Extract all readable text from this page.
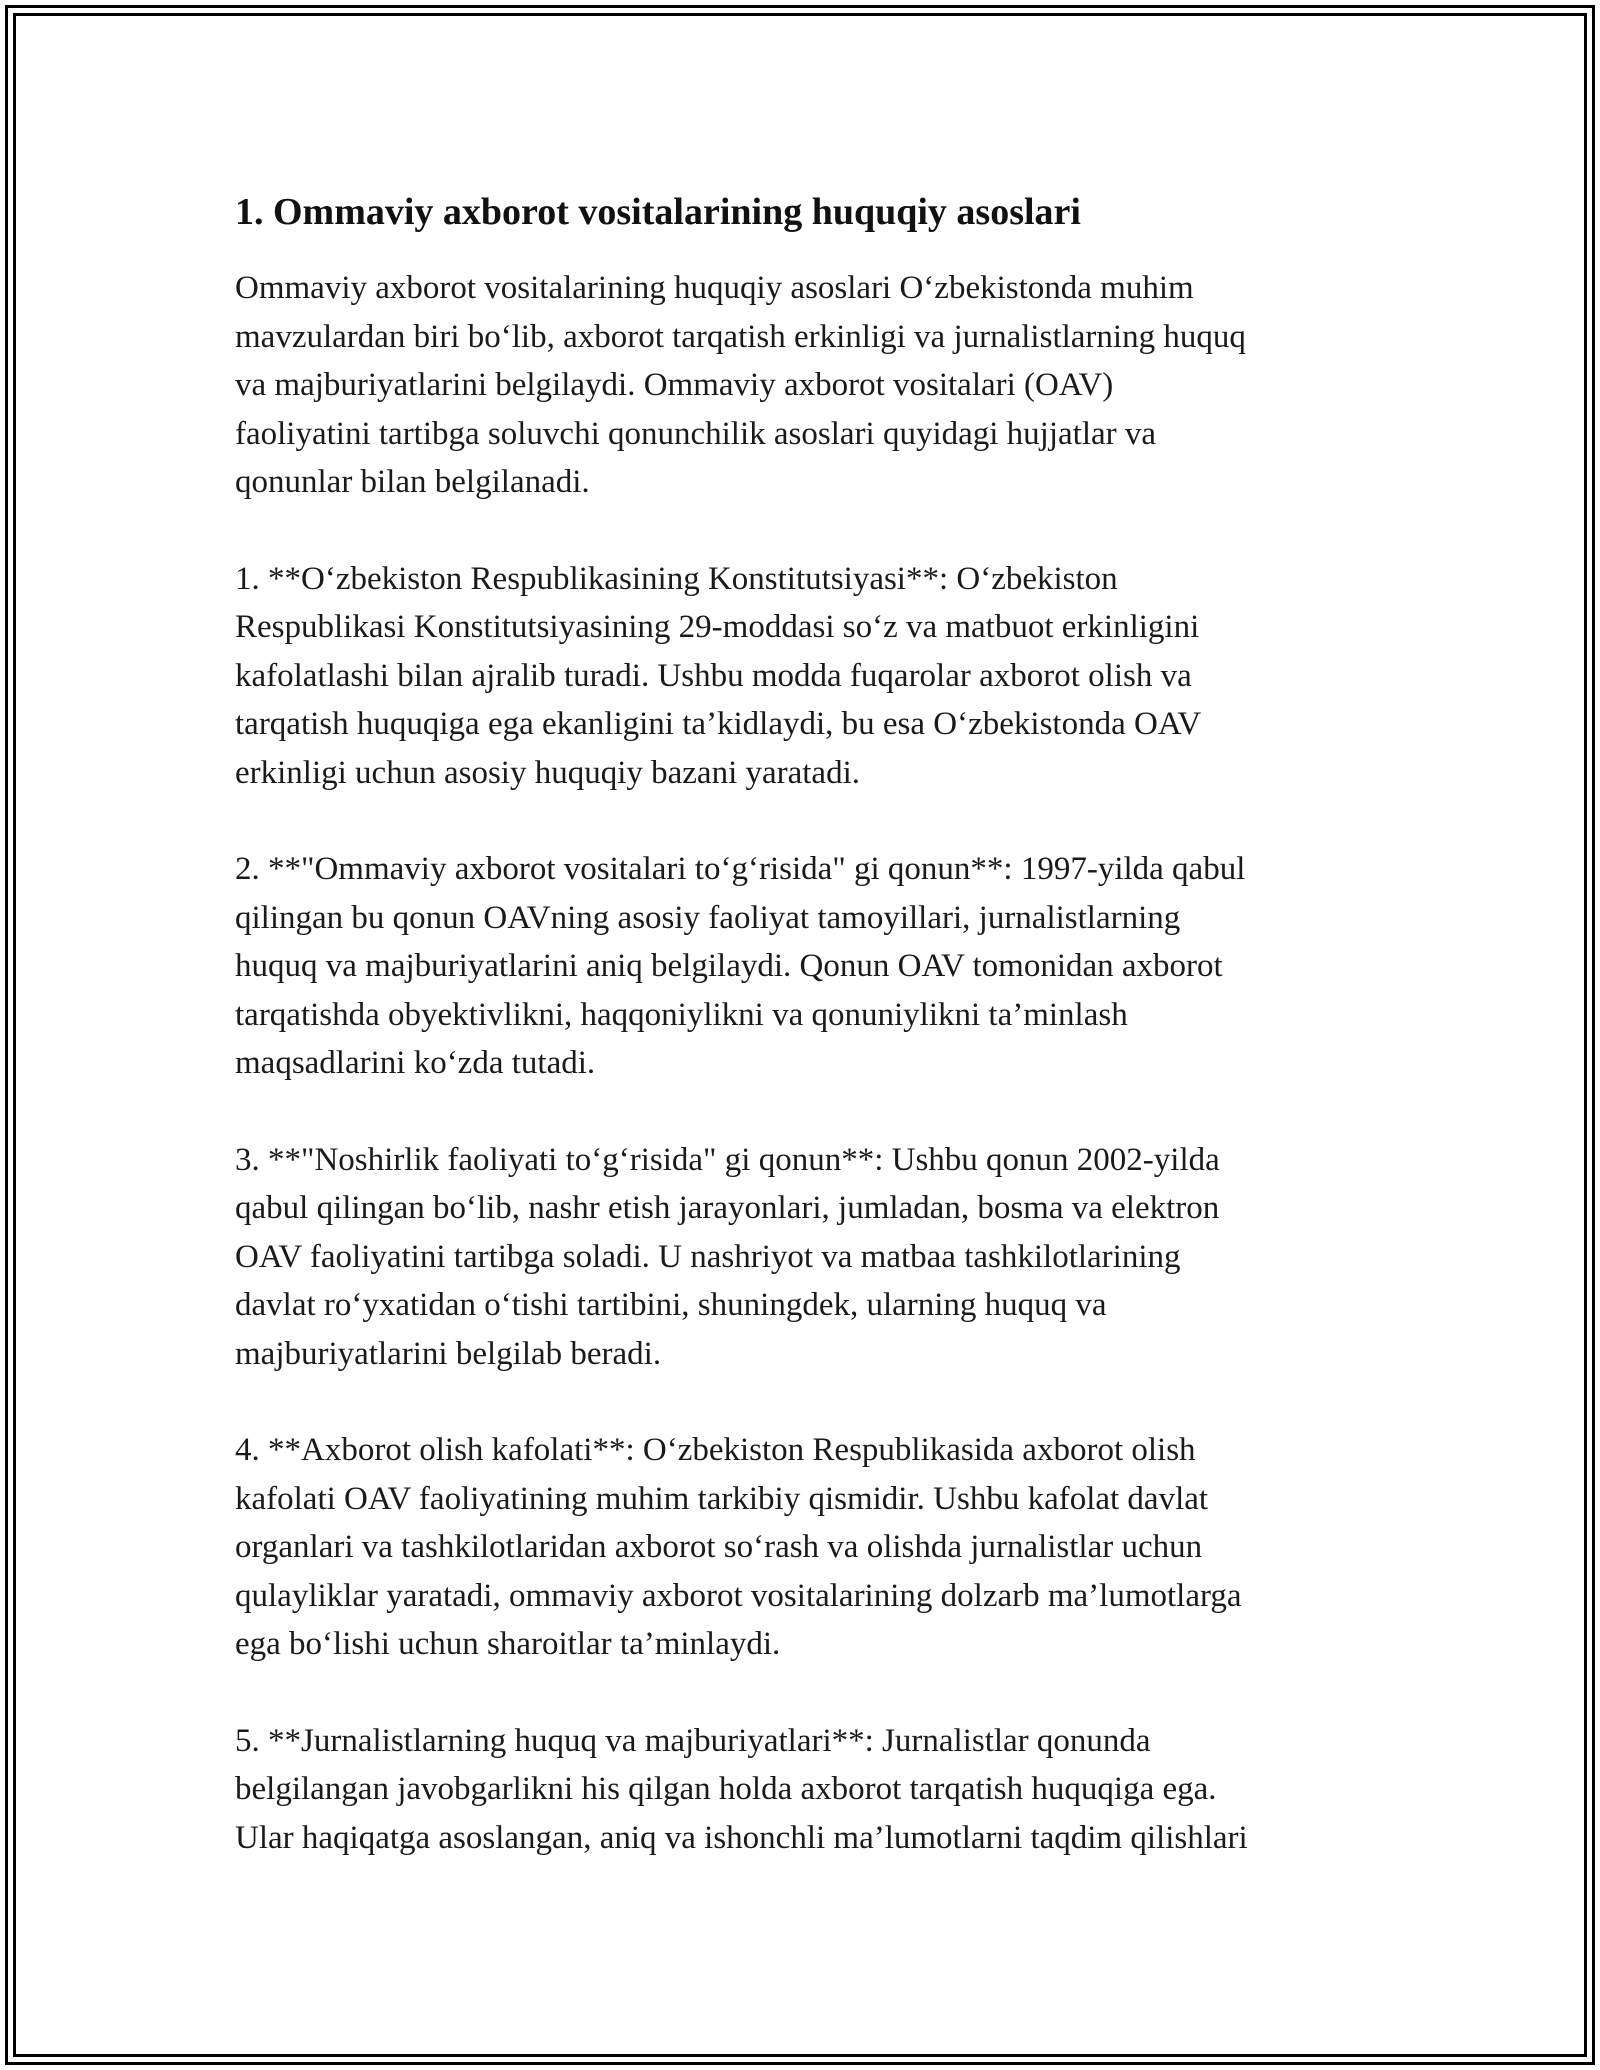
1. Ommaviy axborot vositalarining huquqiy asoslari
Ommaviy axborot vositalarining huquqiy asoslari O‘zbekistonda muhim
mavzulardan biri bo‘lib, axborot tarqatish erkinligi va jurnalistlarning huquq
va majburiyatlarini belgilaydi. Ommaviy axborot vositalari (OAV)
faoliyatini tartibga soluvchi qonunchilik asoslari quyidagi hujjatlar va
qonunlar bilan belgilanadi.
1. **O‘zbekiston Respublikasining Konstitutsiyasi**: O‘zbekiston
Respublikasi Konstitutsiyasining 29-moddasi so‘z va matbuot erkinligini
kafolatlashi bilan ajralib turadi. Ushbu modda fuqarolar axborot olish va
tarqatish huquqiga ega ekanligini ta’kidlaydi, bu esa O‘zbekistonda OAV
erkinligi uchun asosiy huquqiy bazani yaratadi.
2. **"Ommaviy axborot vositalari to‘g‘risida" gi qonun**: 1997-yilda qabul
qilingan bu qonun OAVning asosiy faoliyat tamoyillari, jurnalistlarning
huquq va majburiyatlarini aniq belgilaydi. Qonun OAV tomonidan axborot
tarqatishda obyektivlikni, haqqoniylikni va qonuniylikni ta’minlash
maqsadlarini ko‘zda tutadi.
3. **"Noshirlik faoliyati to‘g‘risida" gi qonun**: Ushbu qonun 2002-yilda
qabul qilingan bo‘lib, nashr etish jarayonlari, jumladan, bosma va elektron
OAV faoliyatini tartibga soladi. U nashriyot va matbaa tashkilotlarining
davlat ro‘yxatidan o‘tishi tartibini, shuningdek, ularning huquq va
majburiyatlarini belgilab beradi.
4. **Axborot olish kafolati**: O‘zbekiston Respublikasida axborot olish
kafolati OAV faoliyatining muhim tarkibiy qismidir. Ushbu kafolat davlat
organlari va tashkilotlaridan axborot so‘rash va olishda jurnalistlar uchun
qulayliklar yaratadi, ommaviy axborot vositalarining dolzarb ma’lumotlarga
ega bo‘lishi uchun sharoitlar ta’minlaydi.
5. **Jurnalistlarning huquq va majburiyatlari**: Jurnalistlar qonunda
belgilangan javobgarlikni his qilgan holda axborot tarqatish huquqiga ega.
Ular haqiqatga asoslangan, aniq va ishonchli ma’lumotlarni taqdim qilishlari
